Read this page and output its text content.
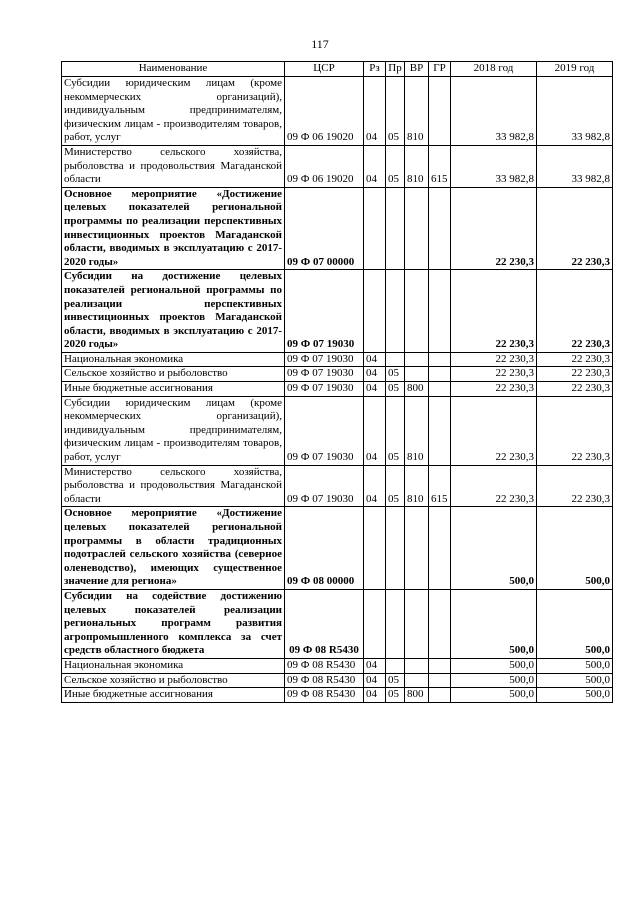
117
Наименование	ЦСР	Рз	Пр	ВР	ГР	2018 год	2019 год
Субсидии юридическим лицам (кроме некоммерческих организаций), индивидуальным предпринимателям, физическим лицам - производителям товаров, работ, услуг	09 Ф 06 19020	04	05	810		33 982,8	33 982,8
Министерство сельского хозяйства, рыболовства и продовольствия Магаданской области	09 Ф 06 19020	04	05	810	615	33 982,8	33 982,8
Основное мероприятие «Достижение целевых показателей региональной программы по реализации перспективных инвестиционных проектов Магаданской области, вводимых в эксплуатацию с 2017-2020 годы»	09 Ф 07 00000					22 230,3	22 230,3
Субсидии на достижение целевых показателей региональной программы по реализации перспективных инвестиционных проектов Магаданской области, вводимых в эксплуатацию с 2017-2020 годы»	09 Ф 07 19030					22 230,3	22 230,3
Национальная экономика	09 Ф 07 19030	04				22 230,3	22 230,3
Сельское хозяйство и рыболовство	09 Ф 07 19030	04	05			22 230,3	22 230,3
Иные бюджетные ассигнования	09 Ф 07 19030	04	05	800		22 230,3	22 230,3
Субсидии юридическим лицам (кроме некоммерческих организаций), индивидуальным предпринимателям, физическим лицам - производителям товаров, работ, услуг	09 Ф 07 19030	04	05	810		22 230,3	22 230,3
Министерство сельского хозяйства, рыболовства и продовольствия Магаданской области	09 Ф 07 19030	04	05	810	615	22 230,3	22 230,3
Основное мероприятие «Достижение целевых показателей региональной программы в области традиционных подотраслей сельского хозяйства (северное оленеводство), имеющих существенное значение для региона»	09 Ф 08 00000					500,0	500,0
Субсидии на содействие достижению целевых показателей реализации региональных программ развития агропромышленного комплекса за счет средств областного бюджета	09 Ф 08 R5430					500,0	500,0
Национальная экономика	09 Ф 08 R5430	04				500,0	500,0
Сельское хозяйство и рыболовство	09 Ф 08 R5430	04	05			500,0	500,0
Иные бюджетные ассигнования	09 Ф 08 R5430	04	05	800		500,0	500,0
